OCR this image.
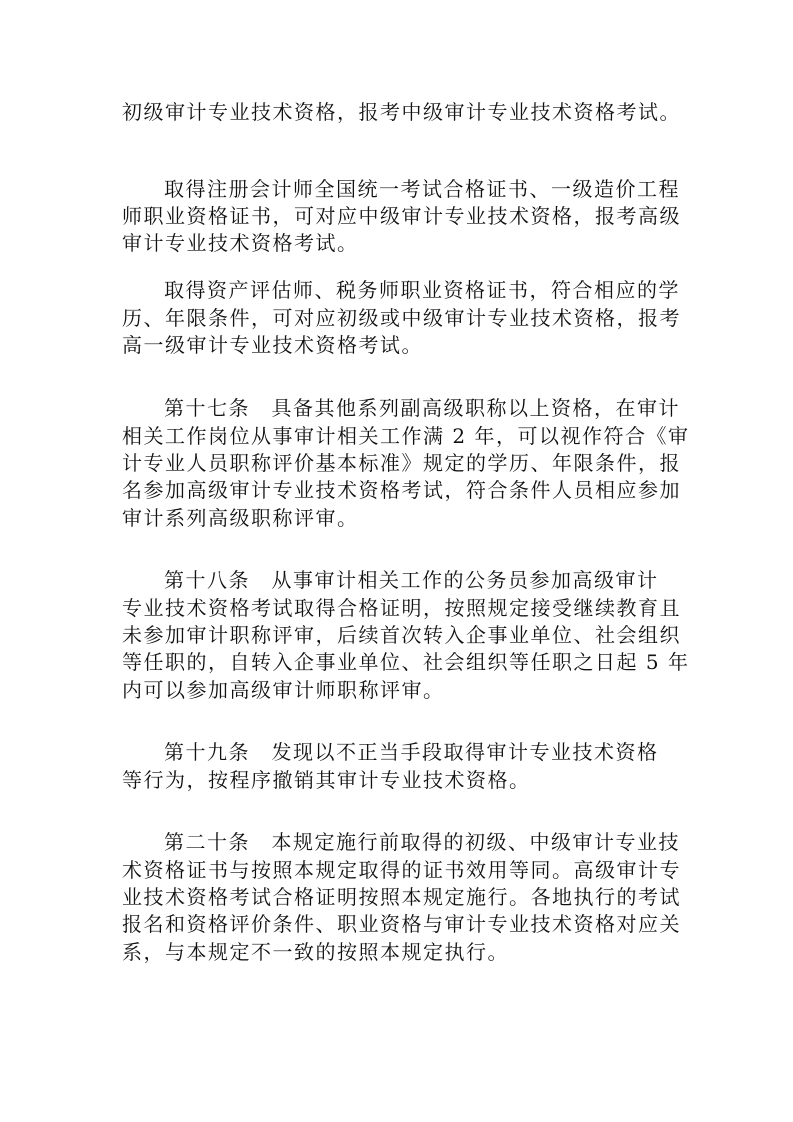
初级审计专业技术资格，报考中级审计专业技术资格考试。
取得注册会计师全国统一考试合格证书、一级造价工程
师职业资格证书，可对应中级审计专业技术资格，报考高级
审计专业技术资格考试。
取得资产评估师、税务师职业资格证书，符合相应的学
历、年限条件，可对应初级或中级审计专业技术资格，报考
高一级审计专业技术资格考试。
第十七条　具备其他系列副高级职称以上资格，在审计
相关工作岗位从事审计相关工作满 2 年，可以视作符合《审
计专业人员职称评价基本标准》规定的学历、年限条件，报
名参加高级审计专业技术资格考试，符合条件人员相应参加
审计系列高级职称评审。
第十八条　从事审计相关工作的公务员参加高级审计
专业技术资格考试取得合格证明，按照规定接受继续教育且
未参加审计职称评审，后续首次转入企事业单位、社会组织
等任职的，自转入企事业单位、社会组织等任职之日起 5 年
内可以参加高级审计师职称评审。
第十九条　发现以不正当手段取得审计专业技术资格
等行为，按程序撤销其审计专业技术资格。
第二十条　本规定施行前取得的初级、中级审计专业技
术资格证书与按照本规定取得的证书效用等同。高级审计专
业技术资格考试合格证明按照本规定施行。各地执行的考试
报名和资格评价条件、职业资格与审计专业技术资格对应关
系，与本规定不一致的按照本规定执行。
